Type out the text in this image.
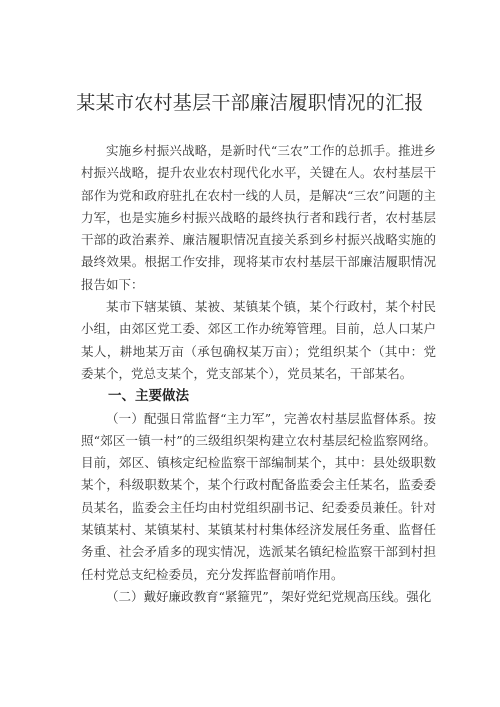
某某市农村基层干部廉洁履职情况的汇报

实施乡村振兴战略，是新时代“三农”工作的总抓手。推进乡村振兴战略，提升农业农村现代化水平，关键在人。农村基层干部作为党和政府驻扎在农村一线的人员，是解决“三农”问题的主力军，也是实施乡村振兴战略的最终执行者和践行者，农村基层干部的政治素养、廉洁履职情况直接关系到乡村振兴战略实施的最终效果。根据工作安排，现将某市农村基层干部廉洁履职情况报告如下：

某市下辖某镇、某被、某镇某个镇，某个行政村，某个村民小组，由郊区党工委、郊区工作办统筹管理。目前，总人口某户某人，耕地某万亩（承包确权某万亩）；党组织某个（其中：党委某个，党总支某个，党支部某个），党员某名，干部某名。

一、主要做法

（一）配强日常监督“主力军”，完善农村基层监督体系。按照“郊区一镇一村”的三级组织架构建立农村基层纪检监察网络。目前，郊区、镇核定纪检监察干部编制某个，其中：县处级职数某个，科级职数某个，某个行政村配备监委会主任某名，监委委员某名，监委会主任均由村党组织副书记、纪委委员兼任。针对某镇某村、某镇某村、某镇某村村集体经济发展任务重、监督任务重、社会矛盾多的现实情况，选派某名镇纪检监察干部到村担任村党总支纪检委员，充分发挥监督前哨作用。

（二）戴好廉政教育“紧箍咒”，架好党纪党规高压线。强化
